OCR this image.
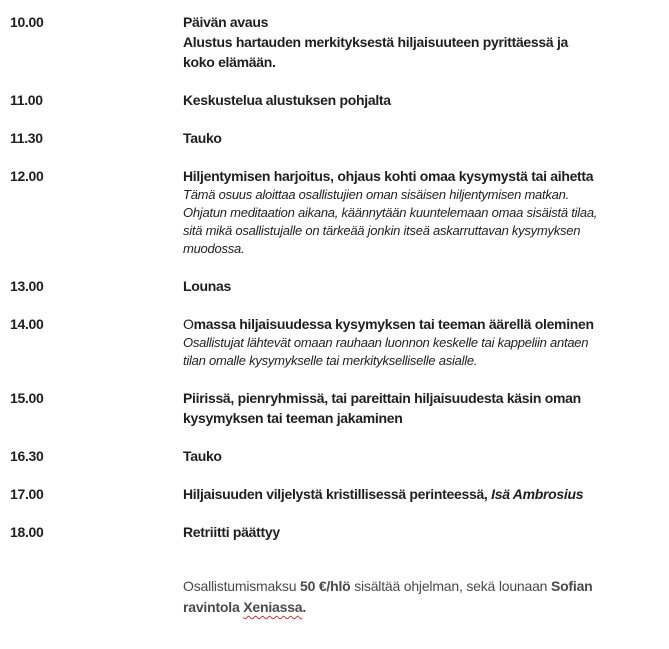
10.00	Päivän avaus
Alustus hartauden merkityksestä hiljaisuuteen pyrittäessä ja
koko elämään.
11.00	Keskustelua alustuksen pohjalta
11.30	Tauko
12.00	Hiljentymisen harjoitus, ohjaus kohti omaa kysymystä tai aihetta
Tämä osuus aloittaa osallistujien oman sisäisen hiljentymisen matkan.
Ohjatun meditaation aikana, käännytään kuuntelemaan omaa sisäistä tilaa,
sitä mikä osallistujalle on tärkeää jonkin itseä askarruttavan kysymyksen
muodossa.
13.00	Lounas
14.00	Omassa hiljaisuudessa kysymyksen tai teeman äärellä oleminen
Osallistujat lähtevät omaan rauhaan luonnon keskelle tai kappeliin antaen
tilan omalle kysymykselle tai merkitykselliselle asialle.
15.00	Piirissä, pienryhmissä, tai pareittain hiljaisuudesta käsin oman
kysymyksen tai teeman jakaminen
16.30	Tauko
17.00	Hiljaisuuden viljelystä kristillisessä perinteessä, Isä Ambrosius
18.00	Retriitti päättyy
Osallistumismaksu 50 €/hlö sisältää ohjelman, sekä lounaan Sofian
ravintola Xeniassa.
